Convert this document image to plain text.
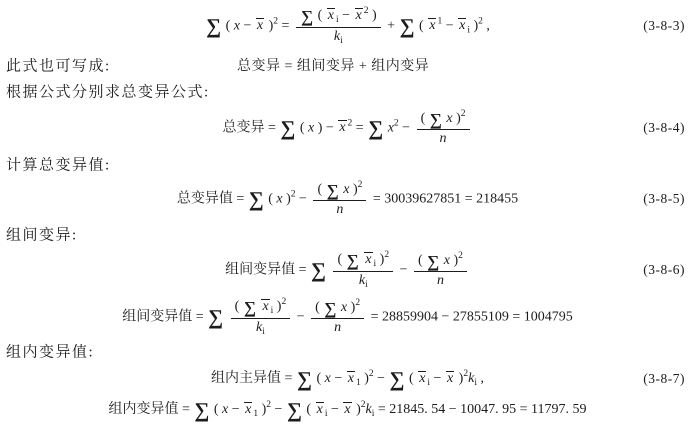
∑ ( x − x )$^2 = \frac{\sum ( x _i - x ^2 )}{k_i}$ + ∑ ( x $^1$ − x $_i$ )$^2$ ,	(3-8-3)
此式也可写成:	总变异 = 组间变异 + 组内变异
根据公式分别求总变异公式:
总变异 = ∑ ( x ) − x $^2$ = ∑ $x^2 - \frac{( \sum x )^2}{n}$	(3-8-4)
计算总变异值:
总变异值 = ∑ ( x )$^2 - \frac{( \sum x )^2}{n} = 30039627851 = 218455$	(3-8-5)
组间变异:
组间变异值 = ∑ $\frac{( \sum x _i )^2}{k_i} - \frac{( \sum x )^2}{n}$	(3-8-6)
组间变异值 = ∑ $\frac{( \sum x _i )^2}{k_i} - \frac{( \sum x )^2}{n} = 28859904 - 27855109 = 1004795$
组内变异值:
组内主异值 = ∑ ( x − x $_1$ )$^2$ − ∑ ( x $_i$ − x )$^2k_i$ ,	(3-8-7)
组内变异值 = ∑ ( x − x $_1$ )$^2$ − ∑ ( x $_i$ − x )$^2k_i = 21845$. 54 − 10047. 95 = 11797. 59
